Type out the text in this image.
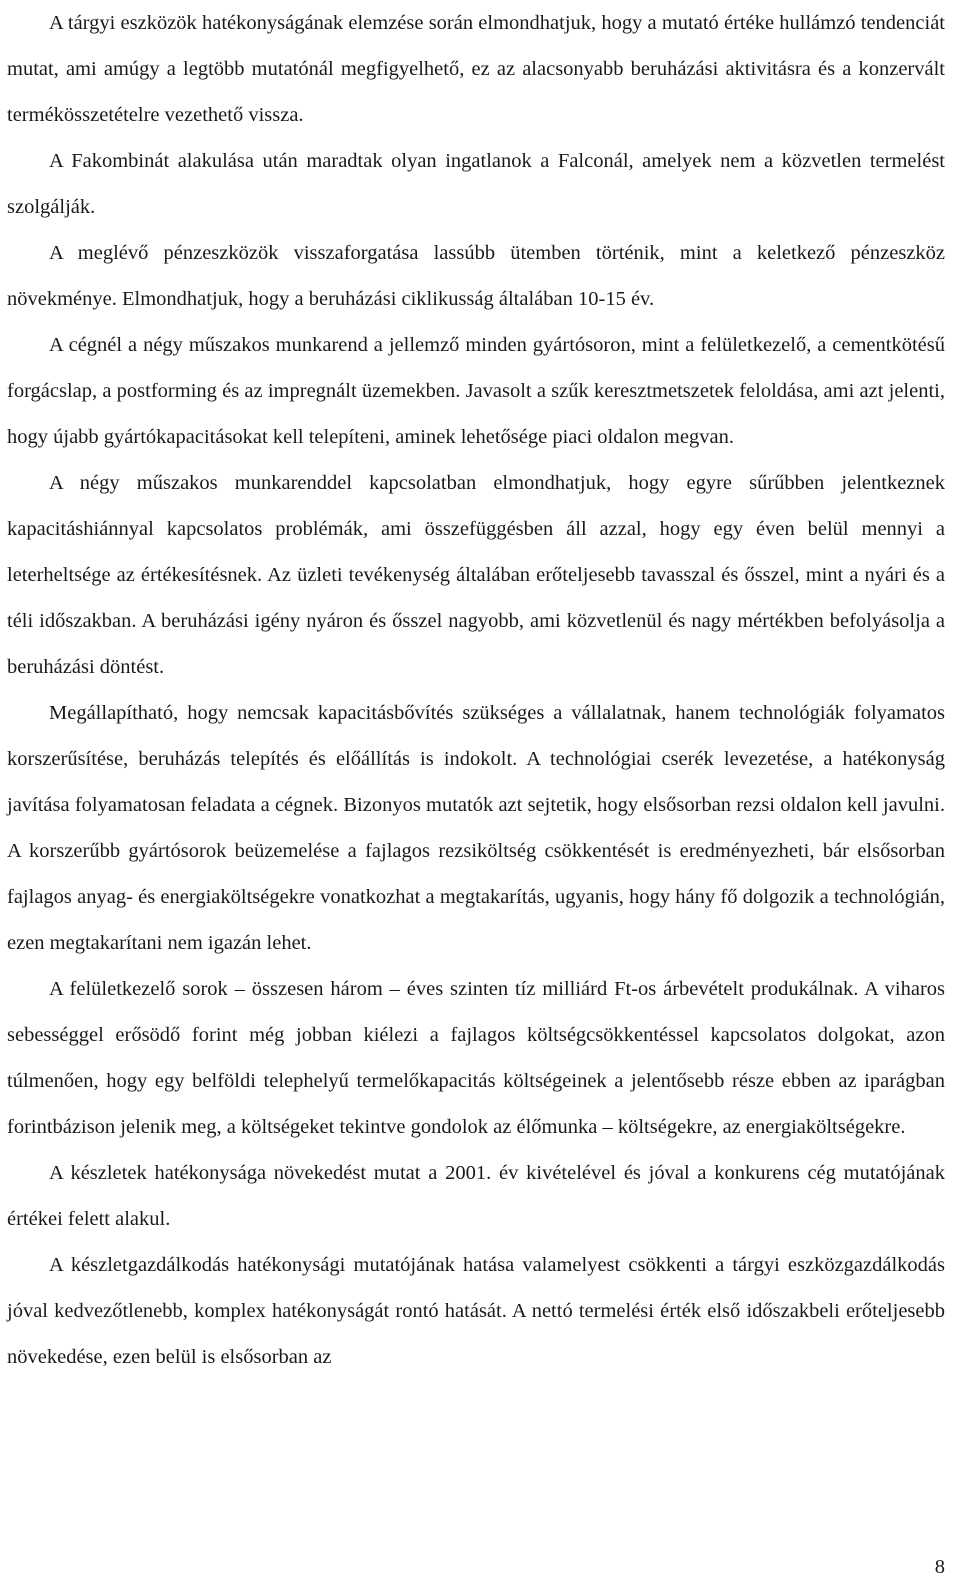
A tárgyi eszközök hatékonyságának elemzése során elmondhatjuk, hogy a mutató értéke hullámzó tendenciát mutat, ami amúgy a legtöbb mutatónál megfigyelhető, ez az alacsonyabb beruházási aktivitásra és a konzervált termékösszetételre vezethető vissza.

A Fakombinát alakulása után maradtak olyan ingatlanok a Falconál, amelyek nem a közvetlen termelést szolgálják.

A meglévő pénzeszközök visszaforgatása lassúbb ütemben történik, mint a keletkező pénzeszköz növekménye. Elmondhatjuk, hogy a beruházási ciklikusság általában 10-15 év.

A cégnél a négy műszakos munkarend a jellemző minden gyártósoron, mint a felületkezelő, a cementkötésű forgácslap, a postforming és az impregnált üzemekben. Javasolt a szűk keresztmetszetek feloldása, ami azt jelenti, hogy újabb gyártókapacitásokat kell telepíteni, aminek lehetősége piaci oldalon megvan.

A négy műszakos munkarenddel kapcsolatban elmondhatjuk, hogy egyre sűrűbben jelentkeznek kapacitáshiánnyal kapcsolatos problémák, ami összefüggésben áll azzal, hogy egy éven belül mennyi a leterheltsége az értékesítésnek. Az üzleti tevékenység általában erőteljesebb tavasszal és ősszel, mint a nyári és a téli időszakban. A beruházási igény nyáron és ősszel nagyobb, ami közvetlenül és nagy mértékben befolyásolja a beruházási döntést.

Megállapítható, hogy nemcsak kapacitásbővítés szükséges a vállalatnak, hanem technológiák folyamatos korszerűsítése, beruházás telepítés és előállítás is indokolt. A technológiai cserék levezetése, a hatékonyság javítása folyamatosan feladata a cégnek. Bizonyos mutatók azt sejtetik, hogy elsősorban rezsi oldalon kell javulni. A korszerűbb gyártósorok beüzemelése a fajlagos rezsiköltség csökkentését is eredményezheti, bár elsősorban fajlagos anyag- és energiaköltségekre vonatkozhat a megtakarítás, ugyanis, hogy hány fő dolgozik a technológián, ezen megtakarítani nem igazán lehet.

A felületkezelő sorok – összesen három – éves szinten tíz milliárd Ft-os árbevételt produkálnak. A viharos sebességgel erősödő forint még jobban kiélezi a fajlagos költségcsökkentéssel kapcsolatos dolgokat, azon túlmenően, hogy egy belföldi telephelyű termelőkapacitás költségeinek a jelentősebb része ebben az iparágban forintbázison jelenik meg, a költségeket tekintve gondolok az élőmunka – költségekre, az energiaköltségekre.

A készletek hatékonysága növekedést mutat a 2001. év kivételével és jóval a konkurens cég mutatójának értékei felett alakul.

A készletgazdálkodás hatékonysági mutatójának hatása valamelyest csökkenti a tárgyi eszközgazdálkodás jóval kedvezőtlenebb, komplex hatékonyságát rontó hatását. A nettó termelési érték első időszakbeli erőteljesebb növekedése, ezen belül is elsősorban az

8
